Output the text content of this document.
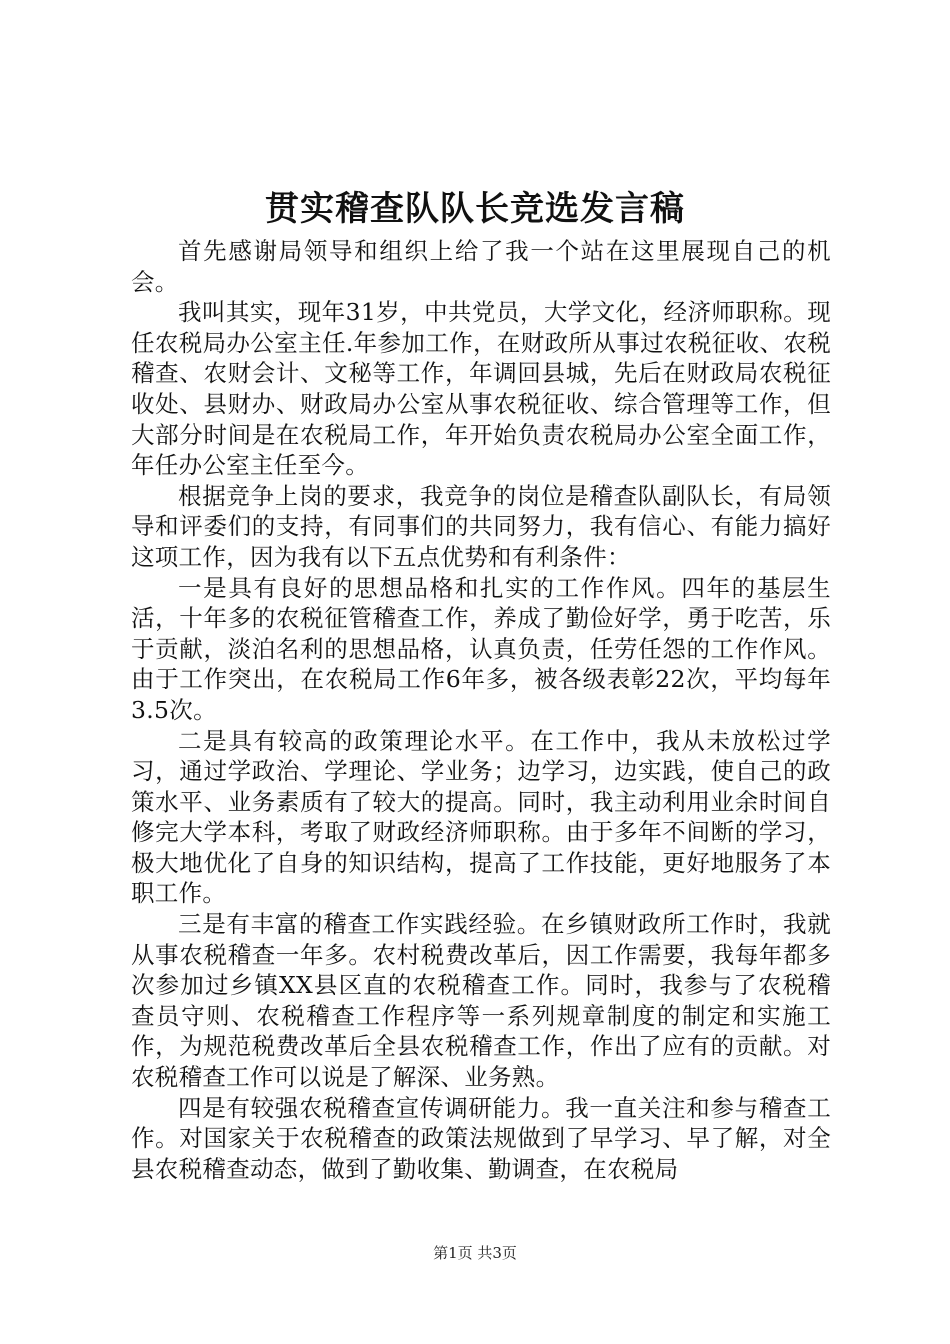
贯实稽查队队长竞选发言稿

首先感谢局领导和组织上给了我一个站在这里展现自己的机会。

我叫其实，现年31岁，中共党员，大学文化，经济师职称。现任农税局办公室主任.年参加工作，在财政所从事过农税征收、农税稽查、农财会计、文秘等工作，年调回县城，先后在财政局农税征收处、县财办、财政局办公室从事农税征收、综合管理等工作，但大部分时间是在农税局工作，年开始负责农税局办公室全面工作，年任办公室主任至今。

根据竞争上岗的要求，我竞争的岗位是稽查队副队长，有局领导和评委们的支持，有同事们的共同努力，我有信心、有能力搞好这项工作，因为我有以下五点优势和有利条件：

一是具有良好的思想品格和扎实的工作作风。四年的基层生活，十年多的农税征管稽查工作，养成了勤俭好学，勇于吃苦，乐于贡献，淡泊名利的思想品格，认真负责，任劳任怨的工作作风。由于工作突出，在农税局工作6年多，被各级表彰22次，平均每年3.5次。

二是具有较高的政策理论水平。在工作中，我从未放松过学习，通过学政治、学理论、学业务；边学习，边实践，使自己的政策水平、业务素质有了较大的提高。同时，我主动利用业余时间自修完大学本科，考取了财政经济师职称。由于多年不间断的学习，极大地优化了自身的知识结构，提高了工作技能，更好地服务了本职工作。

三是有丰富的稽查工作实践经验。在乡镇财政所工作时，我就从事农税稽查一年多。农村税费改革后，因工作需要，我每年都多次参加过乡镇XX县区直的农税稽查工作。同时，我参与了农税稽查员守则、农税稽查工作程序等一系列规章制度的制定和实施工作，为规范税费改革后全县农税稽查工作，作出了应有的贡献。对农税稽查工作可以说是了解深、业务熟。

四是有较强农税稽查宣传调研能力。我一直关注和参与稽查工作。对国家关于农税稽查的政策法规做到了早学习、早了解，对全县农税稽查动态，做到了勤收集、勤调查，在农税局

第1页 共3页
